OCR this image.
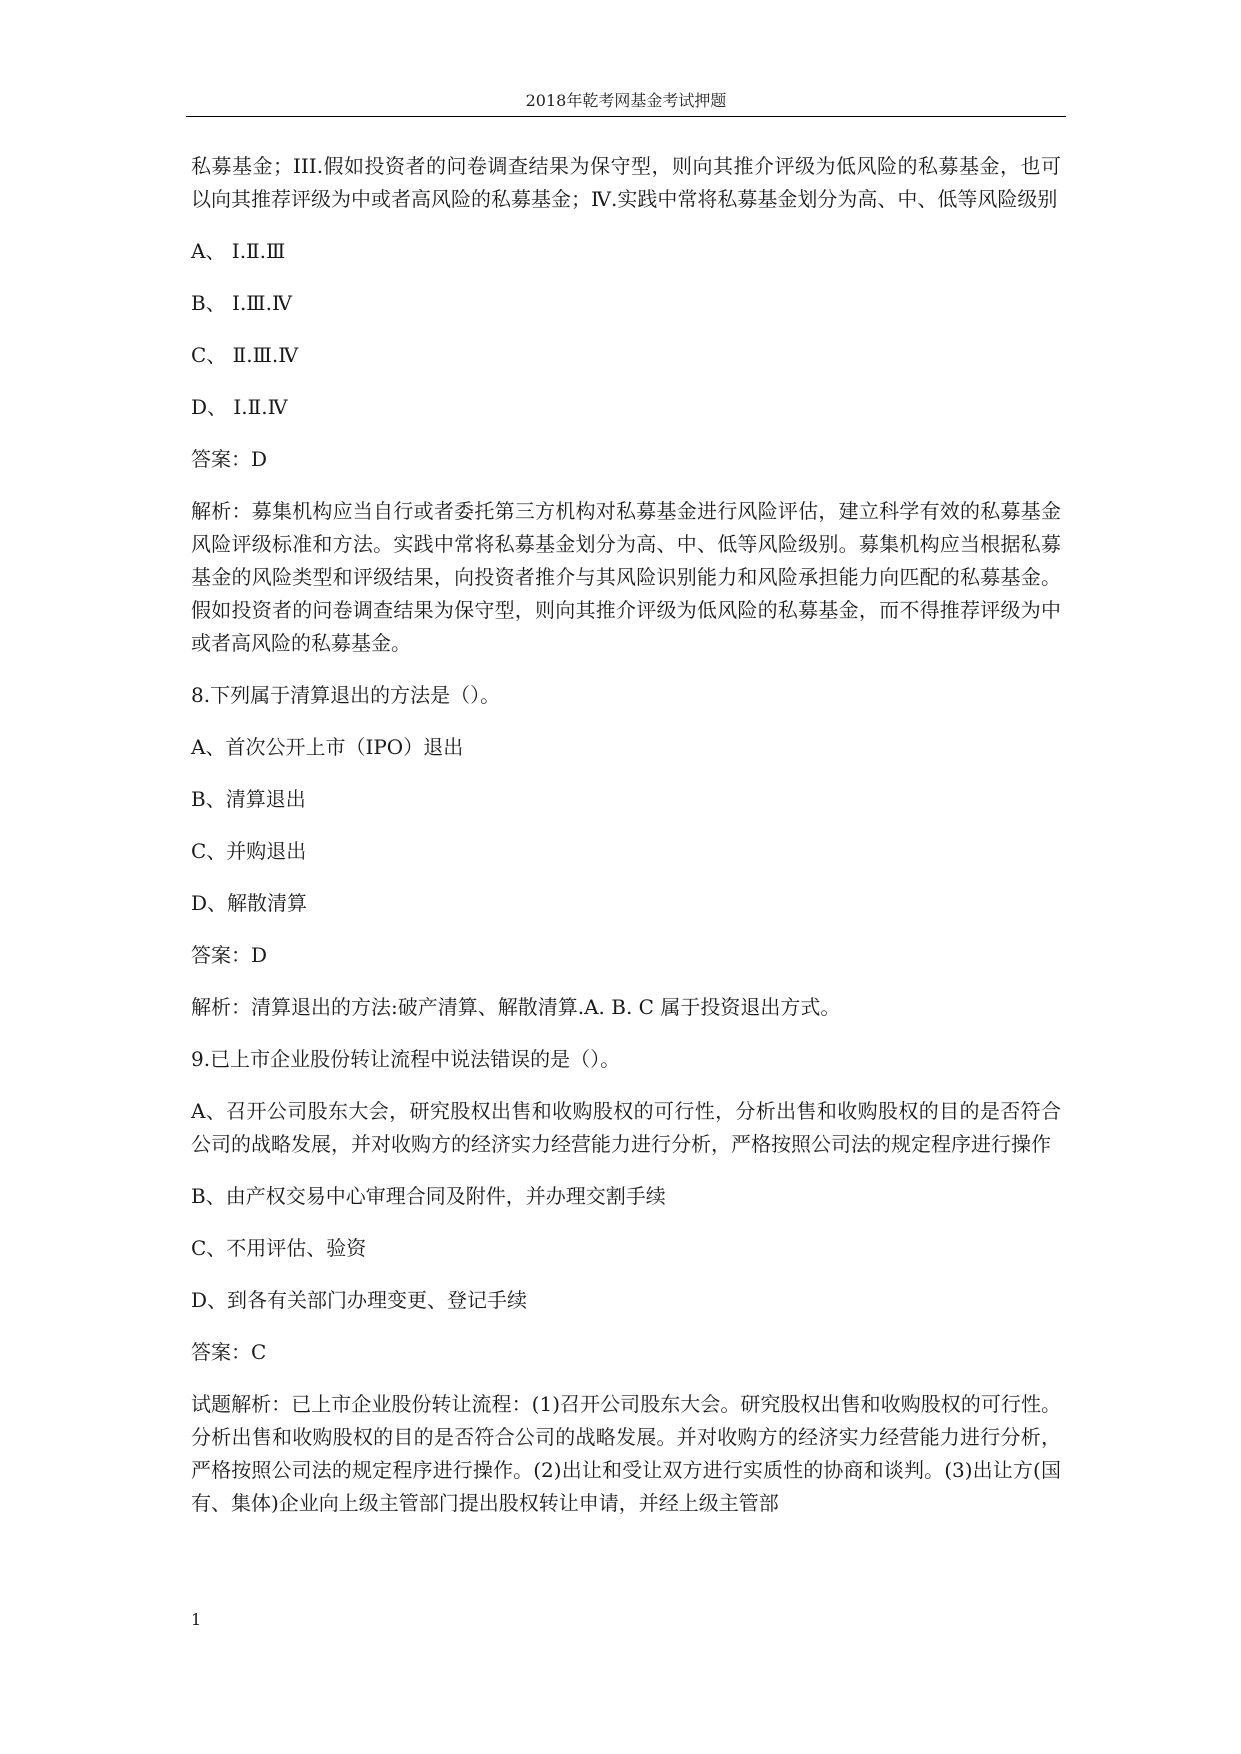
2018年乾考网基金考试押题

私募基金；III.假如投资者的问卷调查结果为保守型，则向其推介评级为低风险的私募基金，也可以向其推荐评级为中或者高风险的私募基金；Ⅳ.实践中常将私募基金划分为高、中、低等风险级别

A、 Ⅰ.Ⅱ.Ⅲ

B、 Ⅰ.Ⅲ.Ⅳ

C、 Ⅱ.Ⅲ.Ⅳ

D、 Ⅰ.Ⅱ.Ⅳ

答案：D

解析：募集机构应当自行或者委托第三方机构对私募基金进行风险评估，建立科学有效的私募基金风险评级标准和方法。实践中常将私募基金划分为高、中、低等风险级别。募集机构应当根据私募基金的风险类型和评级结果，向投资者推介与其风险识别能力和风险承担能力向匹配的私募基金。假如投资者的问卷调查结果为保守型，则向其推介评级为低风险的私募基金，而不得推荐评级为中或者高风险的私募基金。

8.下列属于清算退出的方法是（）。

A、首次公开上市（IPO）退出

B、清算退出

C、并购退出

D、解散清算

答案：D

解析：清算退出的方法:破产清算、解散清算.A. B. C 属于投资退出方式。

9.已上市企业股份转让流程中说法错误的是（）。

A、召开公司股东大会，研究股权出售和收购股权的可行性，分析出售和收购股权的目的是否符合公司的战略发展，并对收购方的经济实力经营能力进行分析，严格按照公司法的规定程序进行操作

B、由产权交易中心审理合同及附件，并办理交割手续

C、不用评估、验资

D、到各有关部门办理变更、登记手续

答案：C

试题解析：已上市企业股份转让流程：(1)召开公司股东大会。研究股权出售和收购股权的可行性。分析出售和收购股权的目的是否符合公司的战略发展。并对收购方的经济实力经营能力进行分析，严格按照公司法的规定程序进行操作。(2)出让和受让双方进行实质性的协商和谈判。(3)出让方(国有、集体)企业向上级主管部门提出股权转让申请，并经上级主管部

1
